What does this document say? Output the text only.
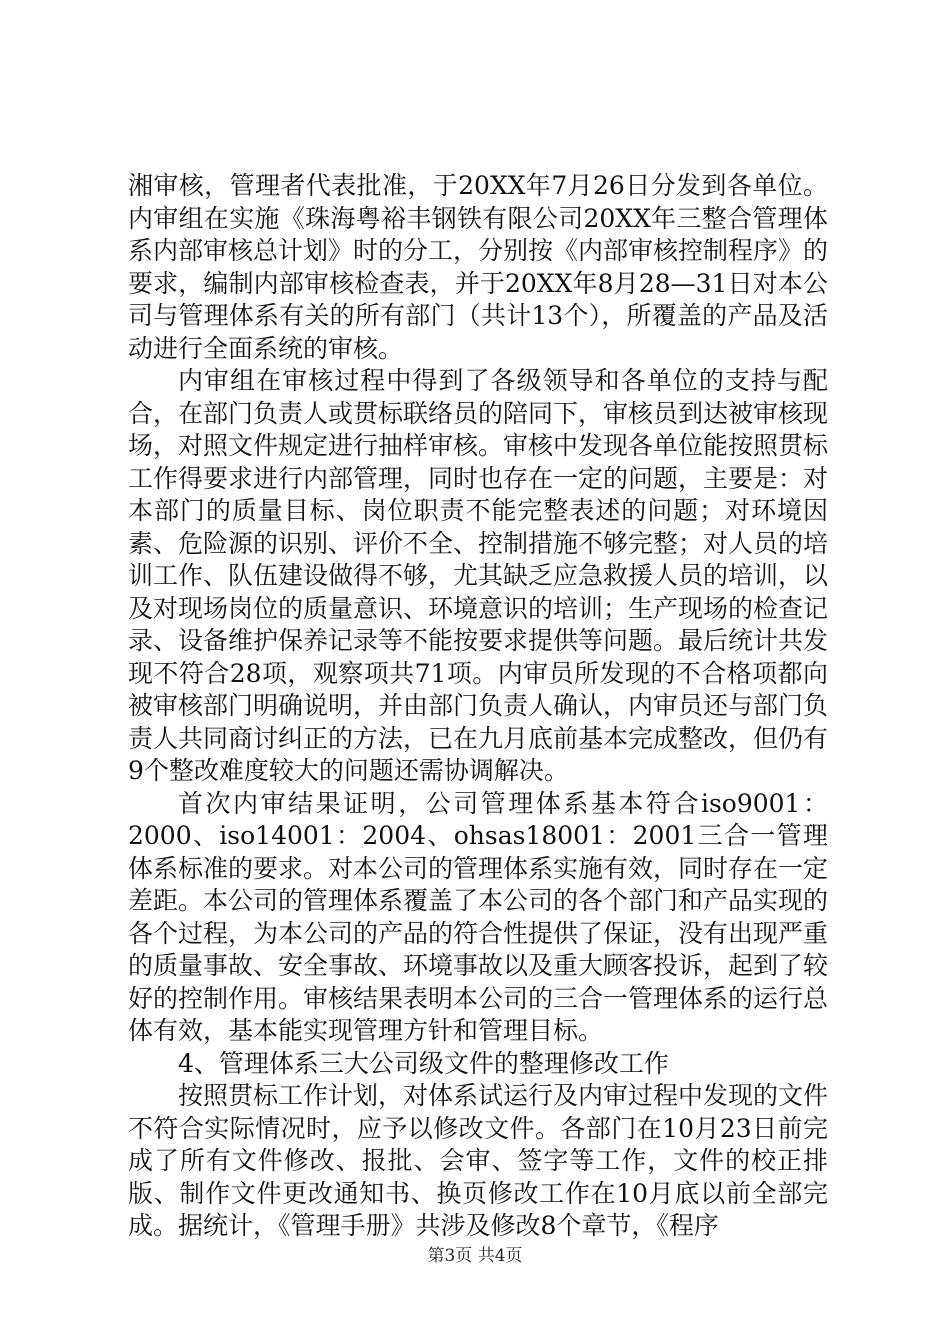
湘审核，管理者代表批准，于20XX年7月26日分发到各单位。内审组在实施《珠海粤裕丰钢铁有限公司20XX年三整合管理体系内部审核总计划》时的分工，分别按《内部审核控制程序》的要求，编制内部审核检查表，并于20XX年8月28—31日对本公司与管理体系有关的所有部门（共计13个），所覆盖的产品及活动进行全面系统的审核。

内审组在审核过程中得到了各级领导和各单位的支持与配合，在部门负责人或贯标联络员的陪同下，审核员到达被审核现场，对照文件规定进行抽样审核。审核中发现各单位能按照贯标工作得要求进行内部管理，同时也存在一定的问题，主要是：对本部门的质量目标、岗位职责不能完整表述的问题；对环境因素、危险源的识别、评价不全、控制措施不够完整；对人员的培训工作、队伍建设做得不够，尤其缺乏应急救援人员的培训，以及对现场岗位的质量意识、环境意识的培训；生产现场的检查记录、设备维护保养记录等不能按要求提供等问题。最后统计共发现不符合28项，观察项共71项。内审员所发现的不合格项都向被审核部门明确说明，并由部门负责人确认，内审员还与部门负责人共同商讨纠正的方法，已在九月底前基本完成整改，但仍有9个整改难度较大的问题还需协调解决。

首次内审结果证明，公司管理体系基本符合iso9001：2000、iso14001：2004、ohsas18001：2001三合一管理体系标准的要求。对本公司的管理体系实施有效，同时存在一定差距。本公司的管理体系覆盖了本公司的各个部门和产品实现的各个过程，为本公司的产品的符合性提供了保证，没有出现严重的质量事故、安全事故、环境事故以及重大顾客投诉，起到了较好的控制作用。审核结果表明本公司的三合一管理体系的运行总体有效，基本能实现管理方针和管理目标。

4、管理体系三大公司级文件的整理修改工作

按照贯标工作计划，对体系试运行及内审过程中发现的文件不符合实际情况时，应予以修改文件。各部门在10月23日前完成了所有文件修改、报批、会审、签字等工作，文件的校正排版、制作文件更改通知书、换页修改工作在10月底以前全部完成。据统计，《管理手册》共涉及修改8个章节，《程序

第3页 共4页
